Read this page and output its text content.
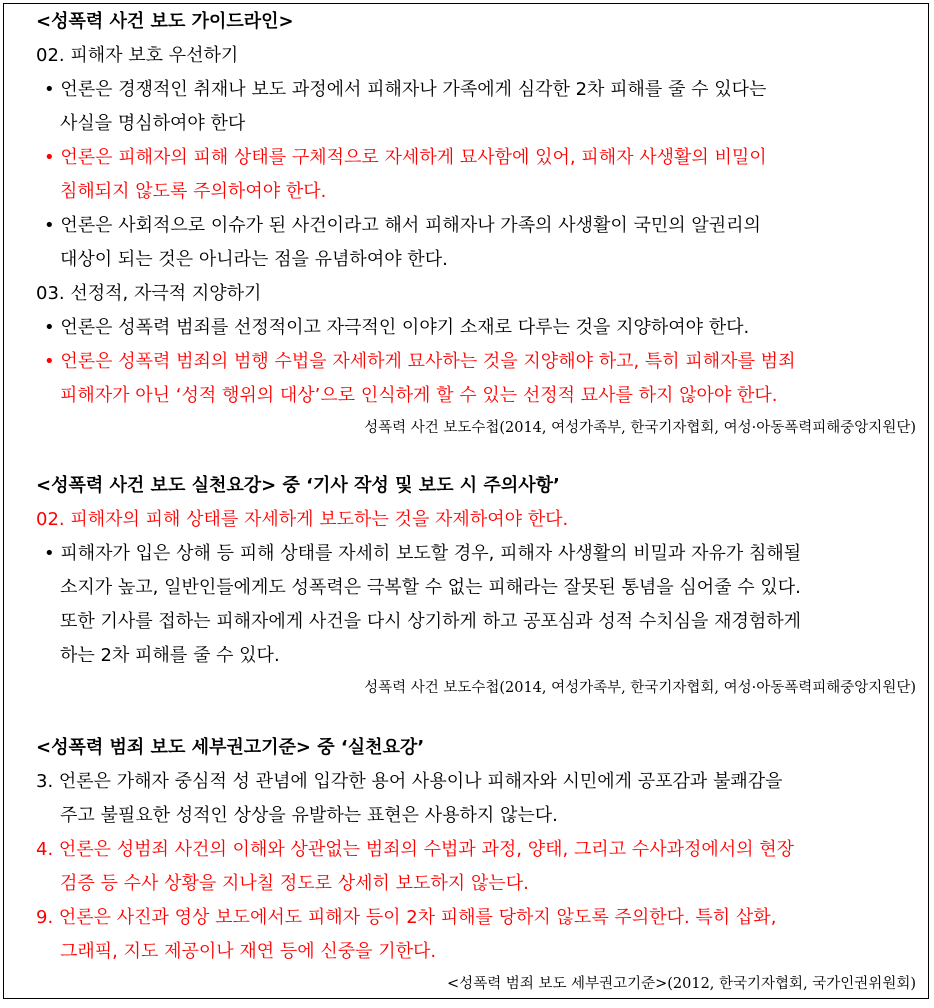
<성폭력 사건 보도 가이드라인>
02. 피해자 보호 우선하기
• 언론은 경쟁적인 취재나 보도 과정에서 피해자나 가족에게 심각한 2차 피해를 줄 수 있다는
사실을 명심하여야 한다
• 언론은 피해자의 피해 상태를 구체적으로 자세하게 묘사함에 있어, 피해자 사생활의 비밀이
침해되지 않도록 주의하여야 한다.
• 언론은 사회적으로 이슈가 된 사건이라고 해서 피해자나 가족의 사생활이 국민의 알권리의
대상이 되는 것은 아니라는 점을 유념하여야 한다.
03. 선정적, 자극적 지양하기
• 언론은 성폭력 범죄를 선정적이고 자극적인 이야기 소재로 다루는 것을 지양하여야 한다.
• 언론은 성폭력 범죄의 범행 수법을 자세하게 묘사하는 것을 지양해야 하고, 특히 피해자를 범죄
피해자가 아닌 ‘성적 행위의 대상’으로 인식하게 할 수 있는 선정적 묘사를 하지 않아야 한다.
성폭력 사건 보도수첩(2014, 여성가족부, 한국기자협회, 여성·아동폭력피해중앙지원단)
<성폭력 사건 보도 실천요강> 중 ‘기사 작성 및 보도 시 주의사항’
02. 피해자의 피해 상태를 자세하게 보도하는 것을 자제하여야 한다.
• 피해자가 입은 상해 등 피해 상태를 자세히 보도할 경우, 피해자 사생활의 비밀과 자유가 침해될
소지가 높고, 일반인들에게도 성폭력은 극복할 수 없는 피해라는 잘못된 통념을 심어줄 수 있다.
또한 기사를 접하는 피해자에게 사건을 다시 상기하게 하고 공포심과 성적 수치심을 재경험하게
하는 2차 피해를 줄 수 있다.
성폭력 사건 보도수첩(2014, 여성가족부, 한국기자협회, 여성·아동폭력피해중앙지원단)
<성폭력 범죄 보도 세부권고기준> 중 ‘실천요강’
3. 언론은 가해자 중심적 성 관념에 입각한 용어 사용이나 피해자와 시민에게 공포감과 불쾌감을
주고 불필요한 성적인 상상을 유발하는 표현은 사용하지 않는다.
4. 언론은 성범죄 사건의 이해와 상관없는 범죄의 수법과 과정, 양태, 그리고 수사과정에서의 현장
검증 등 수사 상황을 지나칠 정도로 상세히 보도하지 않는다.
9. 언론은 사진과 영상 보도에서도 피해자 등이 2차 피해를 당하지 않도록 주의한다. 특히 삽화,
그래픽, 지도 제공이나 재연 등에 신중을 기한다.
<성폭력 범죄 보도 세부권고기준>(2012, 한국기자협회, 국가인권위원회)
